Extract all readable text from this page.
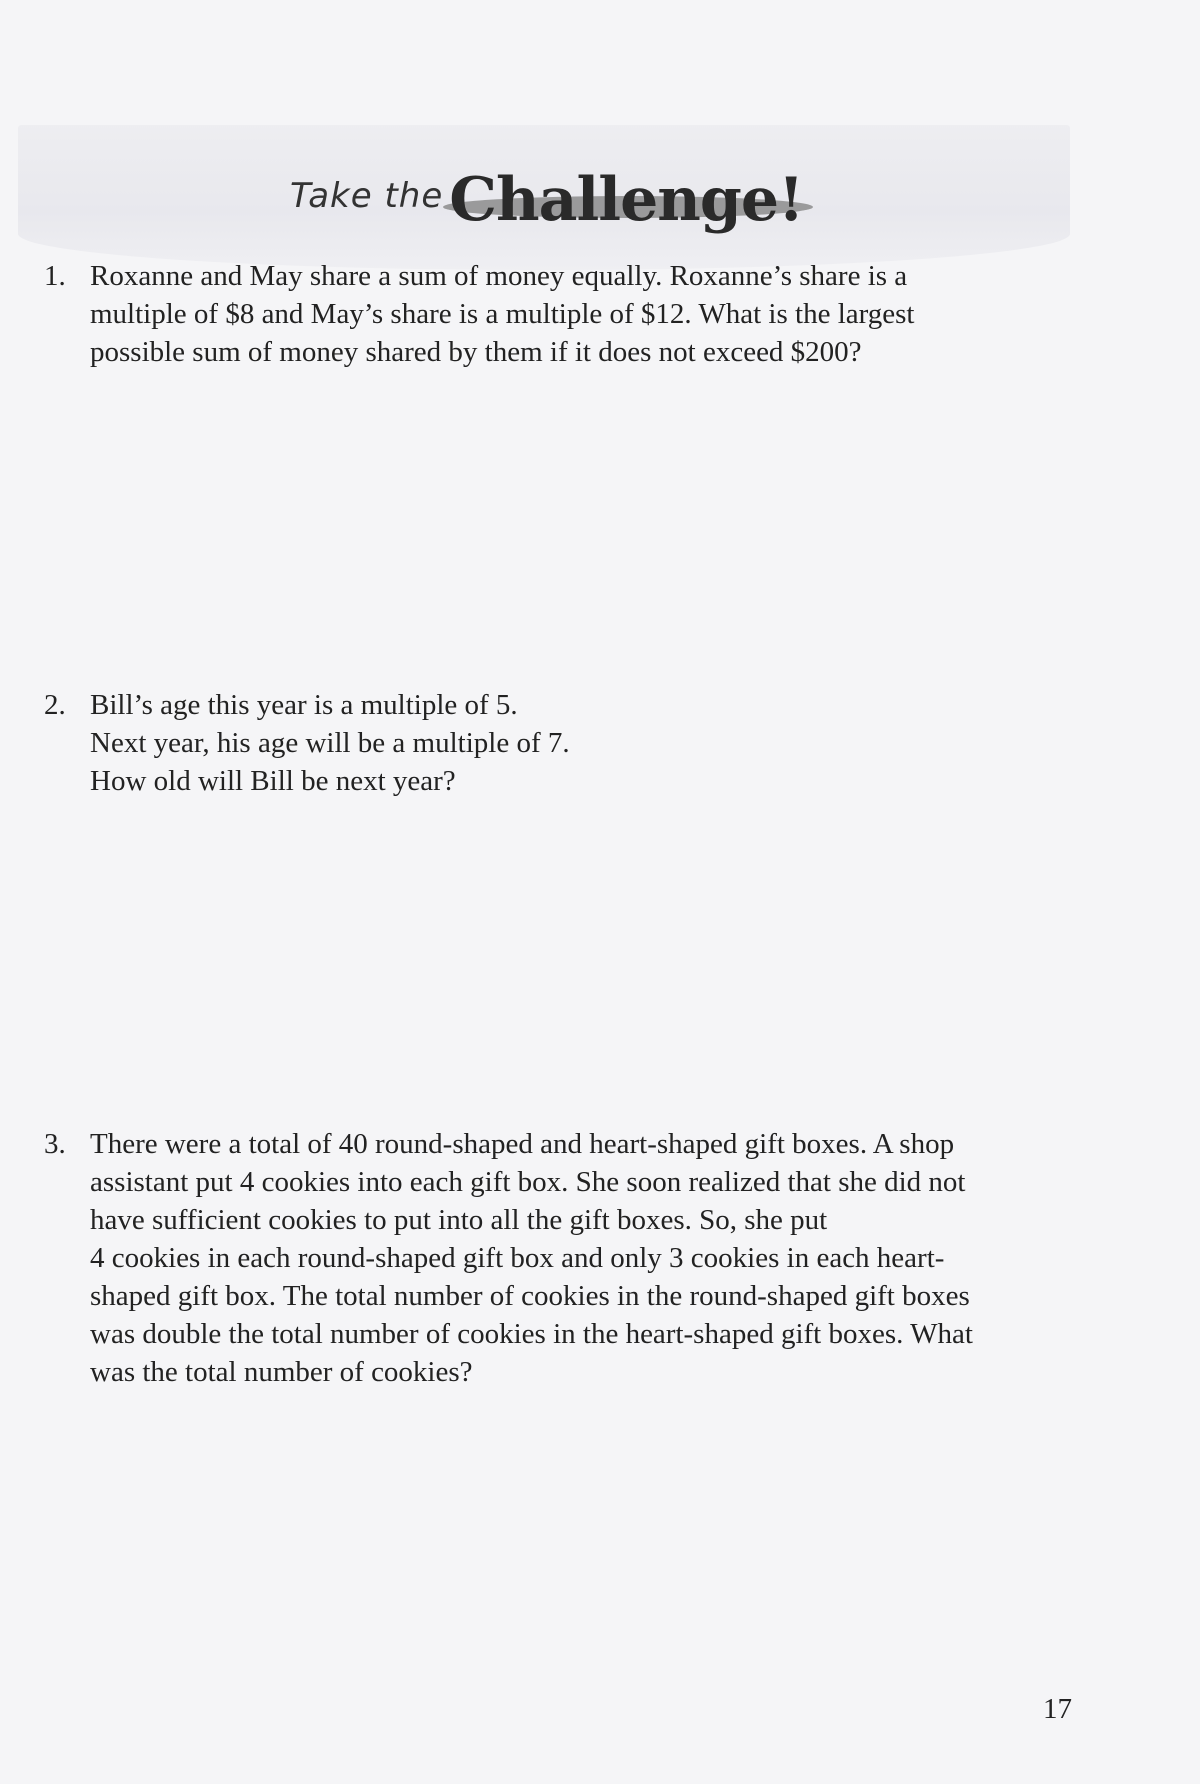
Take the Challenge!
1. Roxanne and May share a sum of money equally. Roxanne’s share is a
multiple of $8 and May’s share is a multiple of $12. What is the largest
possible sum of money shared by them if it does not exceed $200?
2. Bill’s age this year is a multiple of 5.
Next year, his age will be a multiple of 7.
How old will Bill be next year?
3. There were a total of 40 round-shaped and heart-shaped gift boxes. A shop
assistant put 4 cookies into each gift box. She soon realized that she did not
have sufficient cookies to put into all the gift boxes. So, she put
4 cookies in each round-shaped gift box and only 3 cookies in each heart-
shaped gift box. The total number of cookies in the round-shaped gift boxes
was double the total number of cookies in the heart-shaped gift boxes. What
was the total number of cookies?
17
